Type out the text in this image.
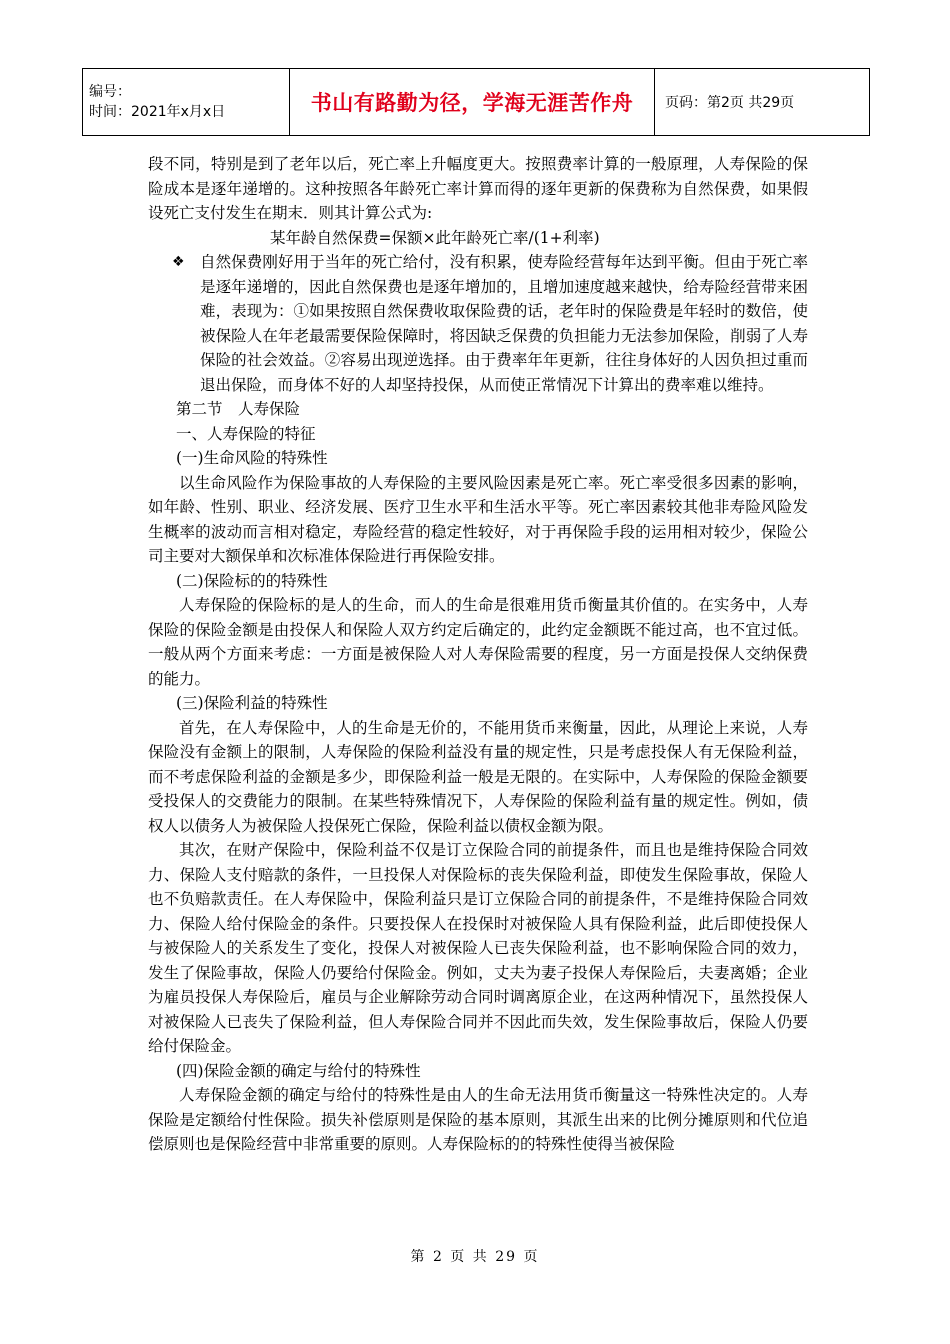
编号：
时间：2021年x月x日	书山有路勤为径，学海无涯苦作舟	页码：第2页 共29页

段不同，特别是到了老年以后，死亡率上升幅度更大。按照费率计算的一般原理，人寿保险的保险成本是逐年递增的。这种按照各年龄死亡率计算而得的逐年更新的保费称为自然保费，如果假设死亡支付发生在期末．则其计算公式为:

某年龄自然保费=保额×此年龄死亡率/(1+利率)

❖ 自然保费刚好用于当年的死亡给付，没有积累，使寿险经营每年达到平衡。但由于死亡率是逐年递增的，因此自然保费也是逐年增加的，且增加速度越来越快，给寿险经营带来困难，表现为：①如果按照自然保费收取保险费的话，老年时的保险费是年轻时的数倍，使被保险人在年老最需要保险保障时，将因缺乏保费的负担能力无法参加保险，削弱了人寿保险的社会效益。②容易出现逆选择。由于费率年年更新，往往身体好的人因负担过重而退出保险，而身体不好的人却坚持投保，从而使正常情况下计算出的费率难以维持。

第二节　人寿保险

一、人寿保险的特征

(一)生命风险的特殊性

以生命风险作为保险事故的人寿保险的主要风险因素是死亡率。死亡率受很多因素的影响，如年龄、性别、职业、经济发展、医疗卫生水平和生活水平等。死亡率因素较其他非寿险风险发生概率的波动而言相对稳定，寿险经营的稳定性较好，对于再保险手段的运用相对较少，保险公司主要对大额保单和次标准体保险进行再保险安排。

(二)保险标的的特殊性

人寿保险的保险标的是人的生命，而人的生命是很难用货币衡量其价值的。在实务中，人寿保险的保险金额是由投保人和保险人双方约定后确定的，此约定金额既不能过高，也不宜过低。一般从两个方面来考虑：一方面是被保险人对人寿保险需要的程度，另一方面是投保人交纳保费的能力。

(三)保险利益的特殊性

首先，在人寿保险中，人的生命是无价的，不能用货币来衡量，因此，从理论上来说，人寿保险没有金额上的限制，人寿保险的保险利益没有量的规定性，只是考虑投保人有无保险利益，而不考虑保险利益的金额是多少，即保险利益一般是无限的。在实际中，人寿保险的保险金额要受投保人的交费能力的限制。在某些特殊情况下，人寿保险的保险利益有量的规定性。例如，债权人以债务人为被保险人投保死亡保险，保险利益以债权金额为限。

其次，在财产保险中，保险利益不仅是订立保险合同的前提条件，而且也是维持保险合同效力、保险人支付赔款的条件，一旦投保人对保险标的丧失保险利益，即使发生保险事故，保险人也不负赔款责任。在人寿保险中，保险利益只是订立保险合同的前提条件，不是维持保险合同效力、保险人给付保险金的条件。只要投保人在投保时对被保险人具有保险利益，此后即使投保人与被保险人的关系发生了变化，投保人对被保险人已丧失保险利益，也不影响保险合同的效力，发生了保险事故，保险人仍要给付保险金。例如，丈夫为妻子投保人寿保险后，夫妻离婚；企业为雇员投保人寿保险后，雇员与企业解除劳动合同时调离原企业，在这两种情况下，虽然投保人对被保险人已丧失了保险利益，但人寿保险合同并不因此而失效，发生保险事故后，保险人仍要给付保险金。

(四)保险金额的确定与给付的特殊性

人寿保险金额的确定与给付的特殊性是由人的生命无法用货币衡量这一特殊性决定的。人寿保险是定额给付性保险。损失补偿原则是保险的基本原则，其派生出来的比例分摊原则和代位追偿原则也是保险经营中非常重要的原则。人寿保险标的的特殊性使得当被保险

第 2 页 共 29 页
